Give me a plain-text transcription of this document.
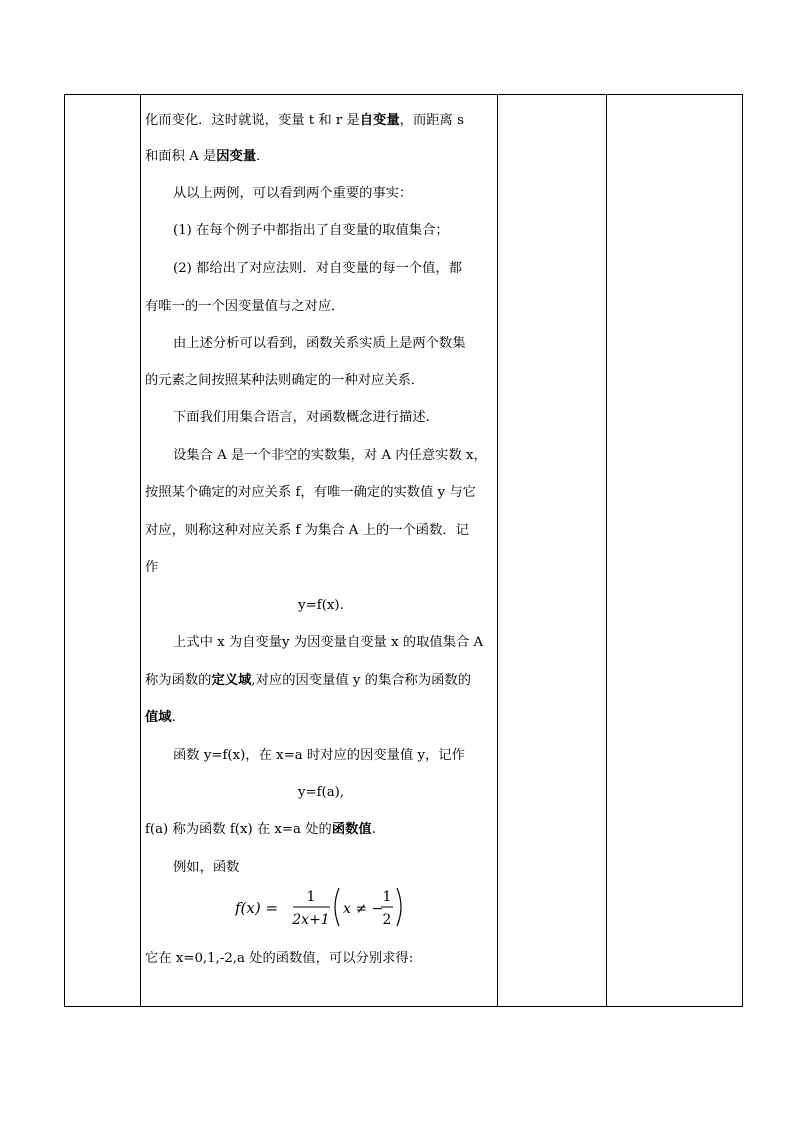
化而变化．这时就说，变量 t 和 r 是自变量，而距离 s
和面积 A 是因变量．
从以上两例，可以看到两个重要的事实：
(1) 在每个例子中都指出了自变量的取值集合；
(2) 都给出了对应法则．对自变量的每一个值，都
有唯一的一个因变量值与之对应．
由上述分析可以看到，函数关系实质上是两个数集
的元素之间按照某种法则确定的一种对应关系．
下面我们用集合语言，对函数概念进行描述.
设集合 A 是一个非空的实数集，对 A 内任意实数 x，
按照某个确定的对应关系 f，有唯一确定的实数值 y 与它
对应，则称这种对应关系 f 为集合 A 上的一个函数．记
作
y=f(x).
上式中 x 为自变量y 为因变量自变量 x 的取值集合 A
称为函数的定义域,对应的因变量值 y 的集合称为函数的
值域.
函数 y=f(x)，在 x=a 时对应的因变量值 y，记作
y=f(a),
f(a) 称为函数 f(x) 在 x=a 处的函数值.
例如，函数
f(x) =
1
2x+1
x ≠ −
1
2
它在 x=0,1,-2,a 处的函数值，可以分别求得:
